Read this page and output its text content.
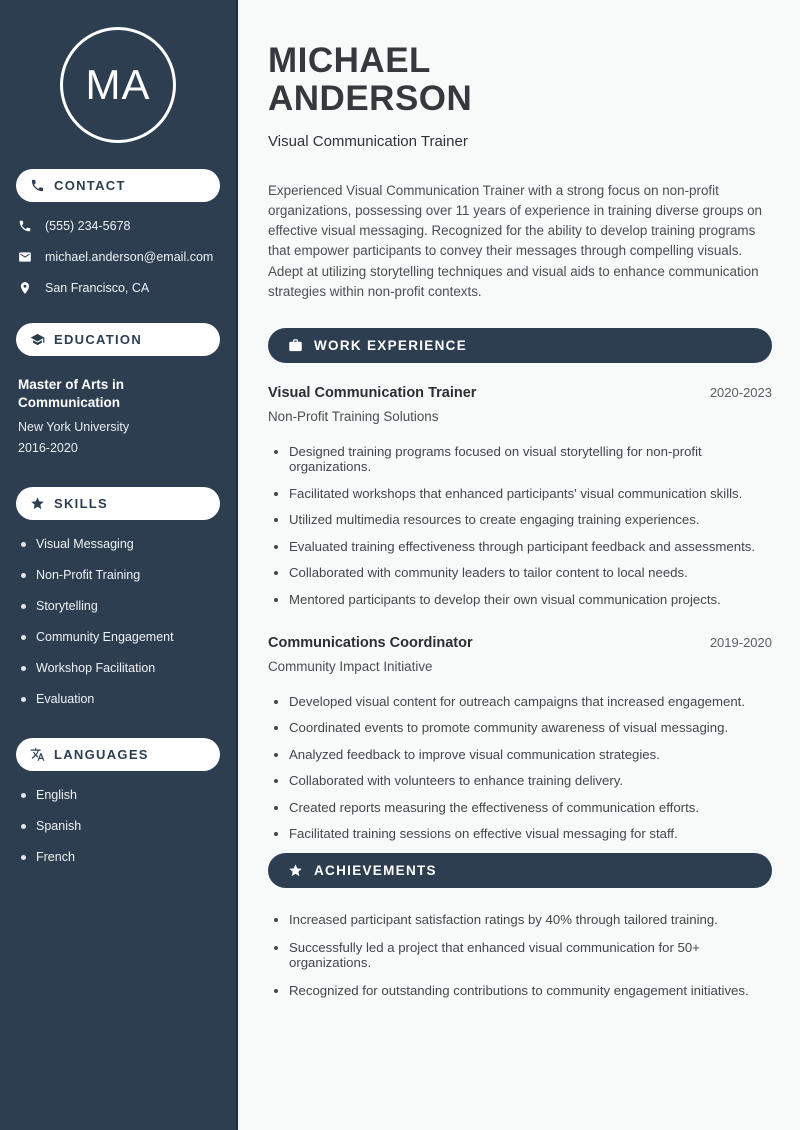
MA
CONTACT
(555) 234-5678
michael.anderson@email.com
San Francisco, CA
EDUCATION
Master of Arts in Communication
New York University
2016-2020
SKILLS
Visual Messaging
Non-Profit Training
Storytelling
Community Engagement
Workshop Facilitation
Evaluation
LANGUAGES
English
Spanish
French
MICHAEL
ANDERSON
Visual Communication Trainer

Experienced Visual Communication Trainer with a strong focus on non-profit organizations, possessing over 11 years of experience in training diverse groups on effective visual messaging. Recognized for the ability to develop training programs that empower participants to convey their messages through compelling visuals. Adept at utilizing storytelling techniques and visual aids to enhance communication strategies within non-profit contexts.

WORK EXPERIENCE
Visual Communication Trainer	2020-2023
Non-Profit Training Solutions
• Designed training programs focused on visual storytelling for non-profit organizations.
• Facilitated workshops that enhanced participants' visual communication skills.
• Utilized multimedia resources to create engaging training experiences.
• Evaluated training effectiveness through participant feedback and assessments.
• Collaborated with community leaders to tailor content to local needs.
• Mentored participants to develop their own visual communication projects.
Communications Coordinator	2019-2020
Community Impact Initiative
• Developed visual content for outreach campaigns that increased engagement.
• Coordinated events to promote community awareness of visual messaging.
• Analyzed feedback to improve visual communication strategies.
• Collaborated with volunteers to enhance training delivery.
• Created reports measuring the effectiveness of communication efforts.
• Facilitated training sessions on effective visual messaging for staff.
ACHIEVEMENTS
• Increased participant satisfaction ratings by 40% through tailored training.
• Successfully led a project that enhanced visual communication for 50+ organizations.
• Recognized for outstanding contributions to community engagement initiatives.
